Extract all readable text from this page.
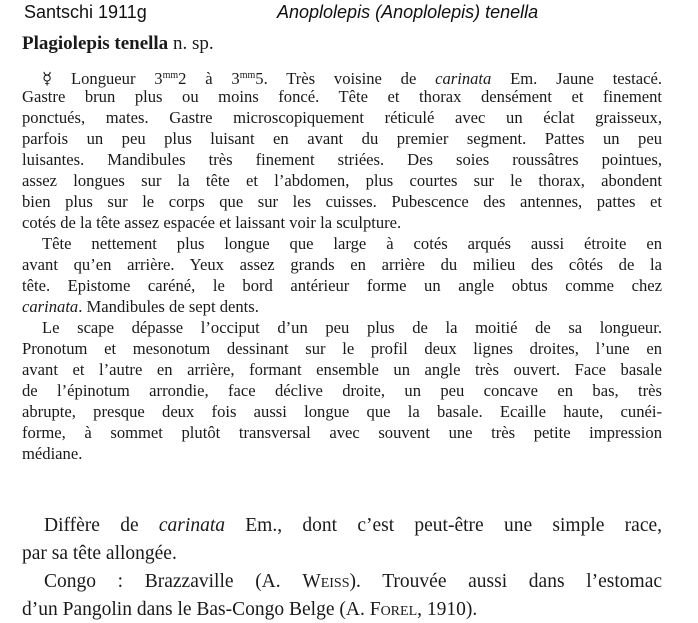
Santschi 1911g	Anoplolepis (Anoplolepis) tenella
Plagiolepis tenella n. sp.
☿ Longueur $3^{mm}2$ à $3^{mm}5$. Très voisine de carinata Em. Jaune testacé.
Gastre brun plus ou moins foncé. Tête et thorax densément et finement
ponctués, mates. Gastre microscopiquement réticulé avec un éclat graisseux,
parfois un peu plus luisant en avant du premier segment. Pattes un peu
luisantes. Mandibules très finement striées. Des soies roussâtres pointues,
assez longues sur la tête et l’abdomen, plus courtes sur le thorax, abondent
bien plus sur le corps que sur les cuisses. Pubescence des antennes, pattes et
cotés de la tête assez espacée et laissant voir la sculpture.
Tête nettement plus longue que large à cotés arqués aussi étroite en
avant qu’en arrière. Yeux assez grands en arrière du milieu des côtés de la
tête. Epistome caréné, le bord antérieur forme un angle obtus comme chez
carinata. Mandibules de sept dents.
Le scape dépasse l’occiput d’un peu plus de la moitié de sa longueur.
Pronotum et mesonotum dessinant sur le profil deux lignes droites, l’une en
avant et l’autre en arrière, formant ensemble un angle très ouvert. Face basale
de l’épinotum arrondie, face déclive droite, un peu concave en bas, très
abrupte, presque deux fois aussi longue que la basale. Ecaille haute, cunéi-
forme, à sommet plutôt transversal avec souvent une très petite impression
médiane.
Diffère de carinata Em., dont c’est peut-être une simple race,
par sa tête allongée.
Congo : Brazzaville (A. Weiss). Trouvée aussi dans l’estomac
d’un Pangolin dans le Bas-Congo Belge (A. Forel, 1910).
